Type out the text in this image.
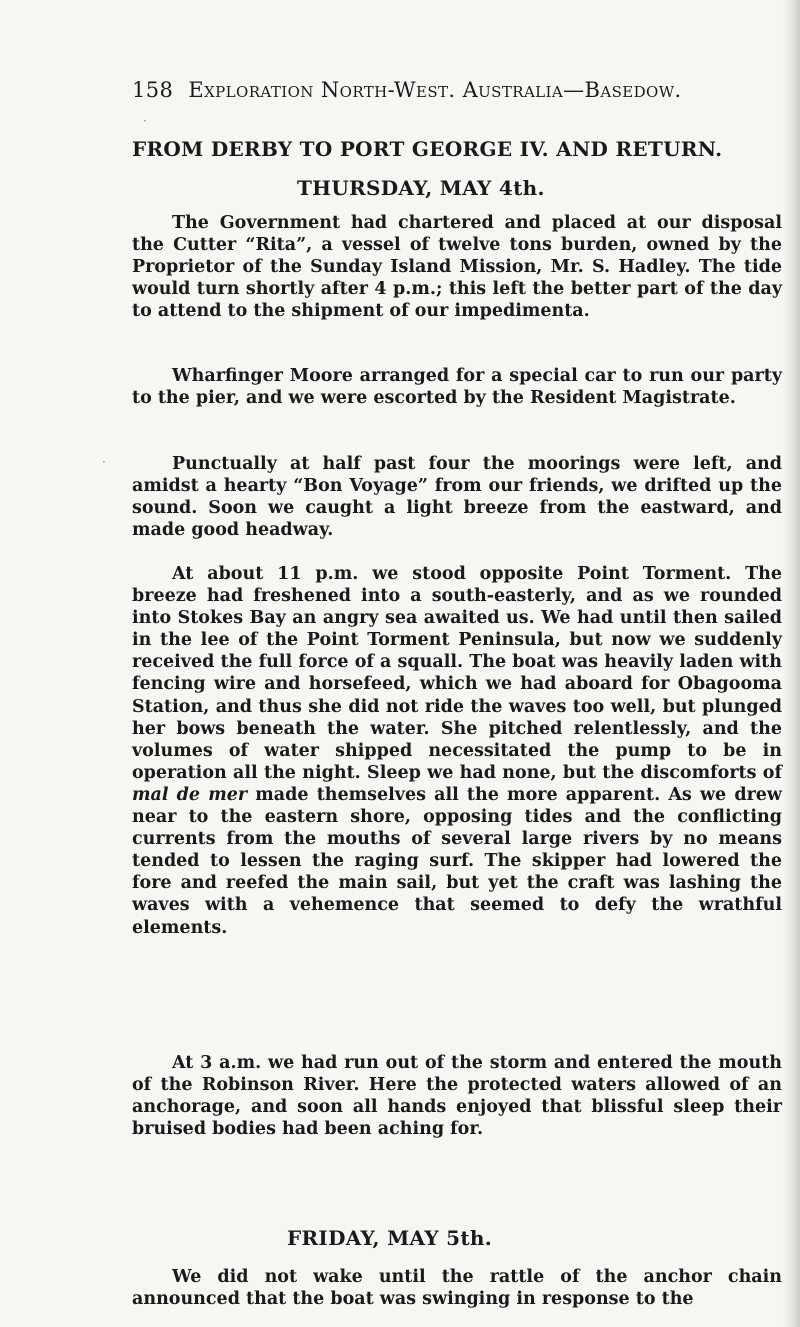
158 Exploration North-West. Australia—Basedow.
·
·
FROM DERBY TO PORT GEORGE IV. AND RETURN.
THURSDAY, MAY 4th.

The Government had chartered and placed at our disposal the Cutter “Rita”, a vessel of twelve tons burden, owned by the Proprietor of the Sunday Island Mission, Mr. S. Hadley. The tide would turn shortly after 4 p.m.; this left the better part of the day to attend to the shipment of our impedimenta.

Wharfinger Moore arranged for a special car to run our party to the pier, and we were escorted by the Resident Magistrate.

Punctually at half past four the moorings were left, and amidst a hearty “Bon Voyage” from our friends, we drifted up the sound. Soon we caught a light breeze from the eastward, and made good headway.

At about 11 p.m. we stood opposite Point Torment. The breeze had freshened into a south-easterly, and as we rounded into Stokes Bay an angry sea awaited us. We had until then sailed in the lee of the Point Torment Peninsula, but now we suddenly received the full force of a squall. The boat was heavily laden with fencing wire and horsefeed, which we had aboard for Obagooma Station, and thus she did not ride the waves too well, but plunged her bows beneath the water. She pitched relentlessly, and the volumes of water shipped necessitated the pump to be in operation all the night. Sleep we had none, but the discomforts of mal de mer made themselves all the more apparent. As we drew near to the eastern shore, opposing tides and the conflicting currents from the mouths of several large rivers by no means tended to lessen the raging surf. The skipper had lowered the fore and reefed the main sail, but yet the craft was lashing the waves with a vehemence that seemed to defy the wrathful elements.

At 3 a.m. we had run out of the storm and entered the mouth of the Robinson River. Here the protected waters allowed of an anchorage, and soon all hands enjoyed that blissful sleep their bruised bodies had been aching for.

FRIDAY, MAY 5th.

We did not wake until the rattle of the anchor chain announced that the boat was swinging in response to the
